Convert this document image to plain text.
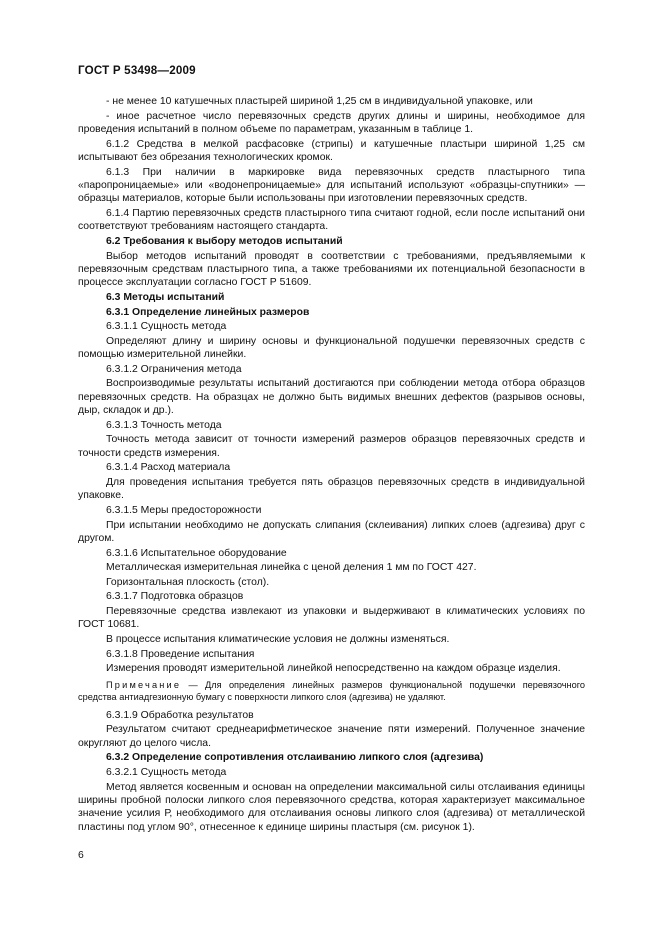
ГОСТ Р 53498—2009

- не менее 10 катушечных пластырей шириной 1,25 см в индивидуальной упаковке, или

- иное расчетное число перевязочных средств других длины и ширины, необходимое для проведения испытаний в полном объеме по параметрам, указанным в таблице 1.

6.1.2 Средства в мелкой расфасовке (стрипы) и катушечные пластыри шириной 1,25 см испытывают без обрезания технологических кромок.

6.1.3 При наличии в маркировке вида перевязочных средств пластырного типа «паропроницаемые» или «водонепроницаемые» для испытаний используют «образцы-спутники» — образцы материалов, которые были использованы при изготовлении перевязочных средств.

6.1.4 Партию перевязочных средств пластырного типа считают годной, если после испытаний они соответствуют требованиям настоящего стандарта.

6.2 Требования к выбору методов испытаний

Выбор методов испытаний проводят в соответствии с требованиями, предъявляемыми к перевязочным средствам пластырного типа, а также требованиями их потенциальной безопасности в процессе эксплуатации согласно ГОСТ Р 51609.

6.3 Методы испытаний

6.3.1 Определение линейных размеров

6.3.1.1 Сущность метода

Определяют длину и ширину основы и функциональной подушечки перевязочных средств с помощью измерительной линейки.

6.3.1.2 Ограничения метода

Воспроизводимые результаты испытаний достигаются при соблюдении метода отбора образцов перевязочных средств. На образцах не должно быть видимых внешних дефектов (разрывов основы, дыр, складок и др.).

6.3.1.3 Точность метода

Точность метода зависит от точности измерений размеров образцов перевязочных средств и точности средств измерения.

6.3.1.4 Расход материала

Для проведения испытания требуется пять образцов перевязочных средств в индивидуальной упаковке.

6.3.1.5 Меры предосторожности

При испытании необходимо не допускать слипания (склеивания) липких слоев (адгезива) друг с другом.

6.3.1.6 Испытательное оборудование

Металлическая измерительная линейка с ценой деления 1 мм по ГОСТ 427.

Горизонтальная плоскость (стол).

6.3.1.7 Подготовка образцов

Перевязочные средства извлекают из упаковки и выдерживают в климатических условиях по ГОСТ 10681.

В процессе испытания климатические условия не должны изменяться.

6.3.1.8 Проведение испытания

Измерения проводят измерительной линейкой непосредственно на каждом образце изделия.

Примечание — Для определения линейных размеров функциональной подушечки перевязочного средства антиадгезионную бумагу с поверхности липкого слоя (адгезива) не удаляют.

6.3.1.9 Обработка результатов

Результатом считают среднеарифметическое значение пяти измерений. Полученное значение округляют до целого числа.

6.3.2 Определение сопротивления отслаиванию липкого слоя (адгезива)

6.3.2.1 Сущность метода

Метод является косвенным и основан на определении максимальной силы отслаивания единицы ширины пробной полоски липкого слоя перевязочного средства, которая характеризует максимальное значение усилия Р, необходимого для отслаивания основы липкого слоя (адгезива) от металлической пластины под углом 90°, отнесенное к единице ширины пластыря (см. рисунок 1).

6
